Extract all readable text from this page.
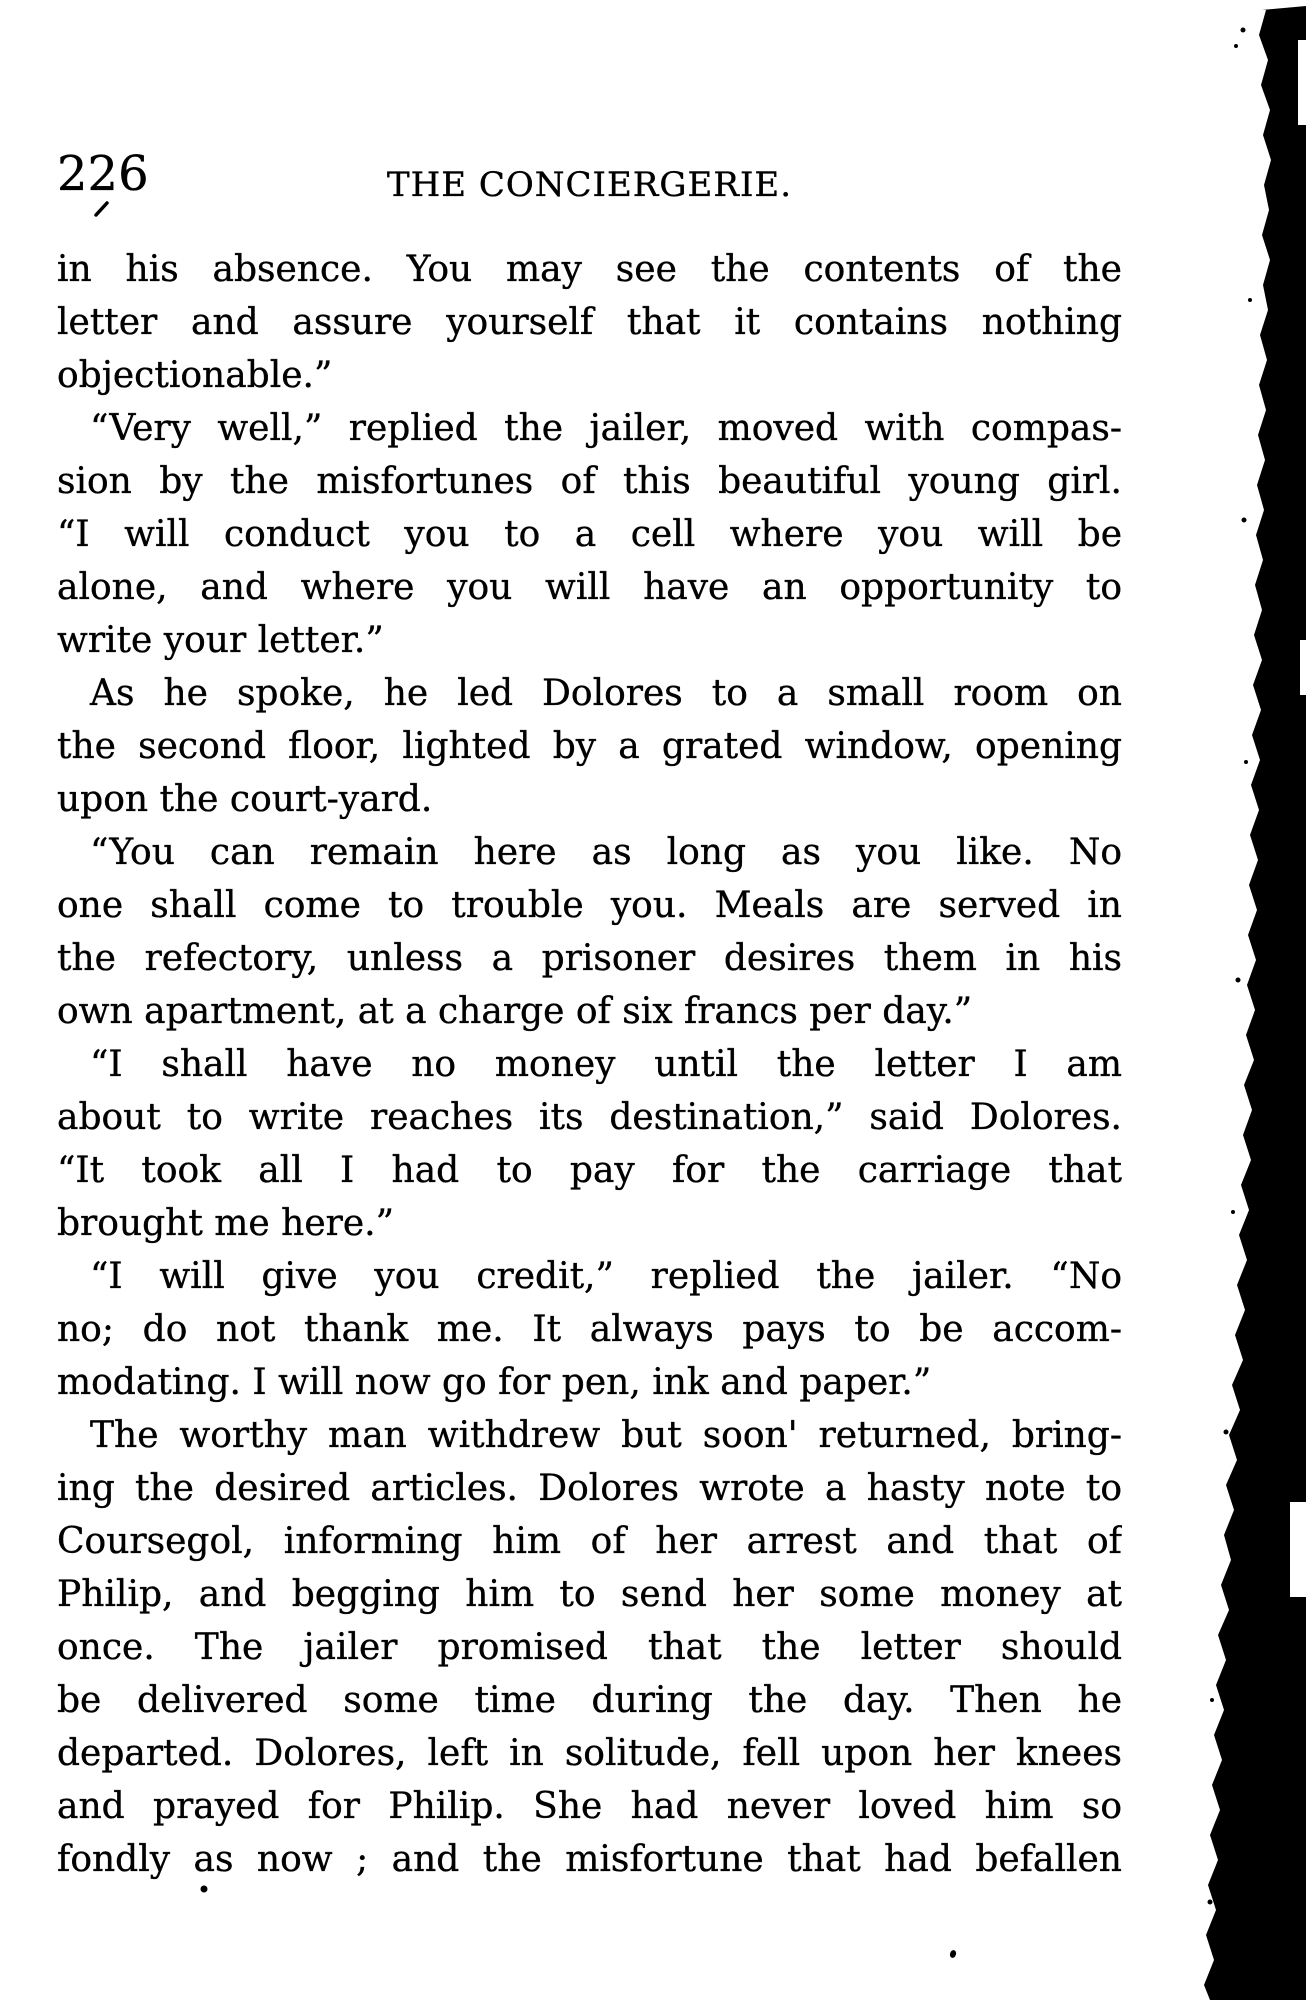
226	THE CONCIERGERIE.
in his absence. You may see the contents of the
letter and assure yourself that it contains nothing
objectionable.”
“Very well,” replied the jailer, moved with compas-
sion by the misfortunes of this beautiful young girl.
“I will conduct you to a cell where you will be
alone, and where you will have an opportunity to
write your letter.”
As he spoke, he led Dolores to a small room on
the second floor, lighted by a grated window, opening
upon the court-yard.
“You can remain here as long as you like. No
one shall come to trouble you. Meals are served in
the refectory, unless a prisoner desires them in his
own apartment, at a charge of six francs per day.”
“I shall have no money until the letter I am
about to write reaches its destination,” said Dolores.
“It took all I had to pay for the carriage that
brought me here.”
“I will give you credit,” replied the jailer. “No
no; do not thank me. It always pays to be accom-
modating. I will now go for pen, ink and paper.”
The worthy man withdrew but soon' returned, bring-
ing the desired articles. Dolores wrote a hasty note to
Coursegol, informing him of her arrest and that of
Philip, and begging him to send her some money at
once. The jailer promised that the letter should
be delivered some time during the day. Then he
departed. Dolores, left in solitude, fell upon her knees
and prayed for Philip. She had never loved him so
fondly as now ; and the misfortune that had befallen
